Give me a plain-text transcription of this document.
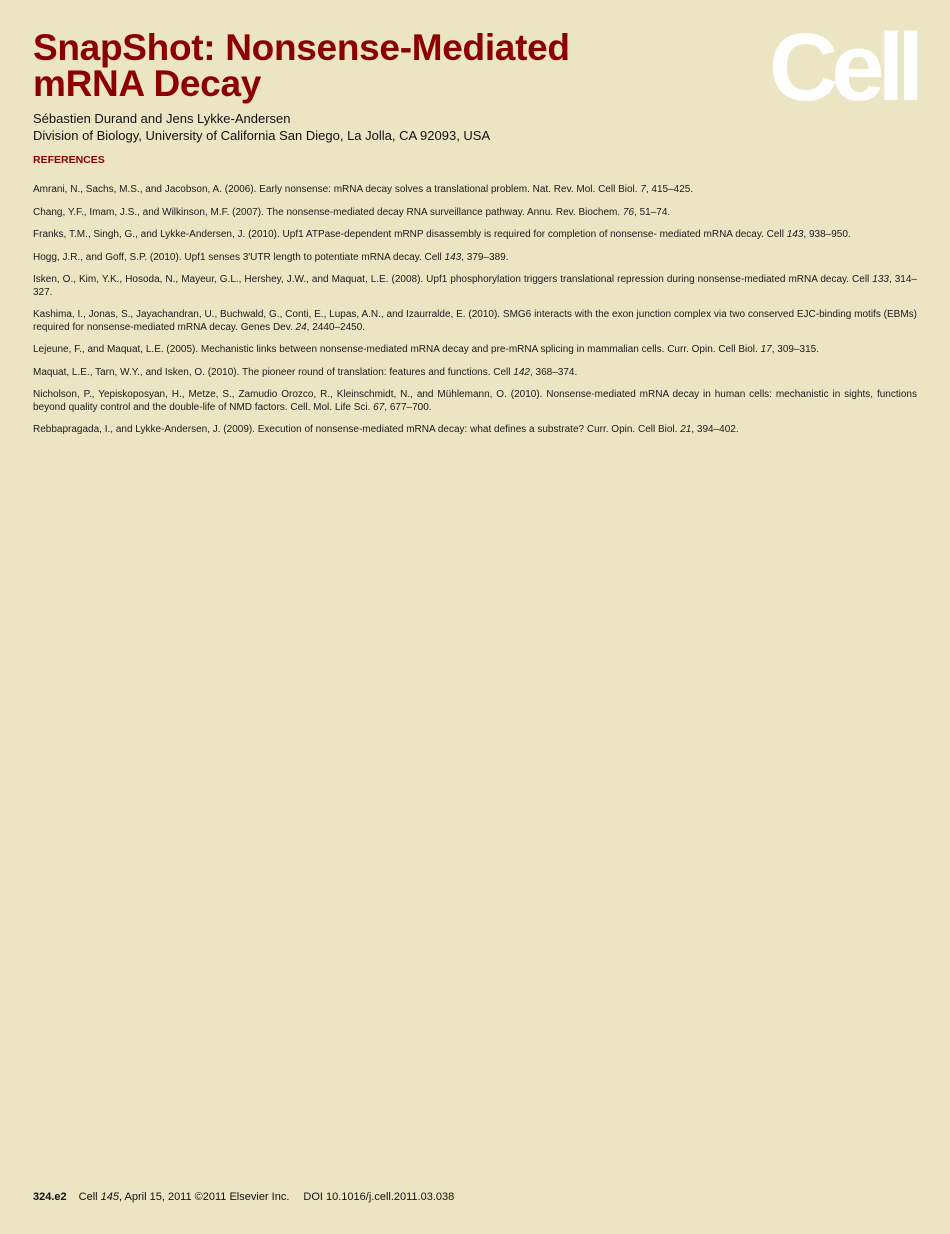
SnapShot: Nonsense-Mediated
mRNA Decay	Cell
Sébastien Durand and Jens Lykke-Andersen
Division of Biology, University of California San Diego, La Jolla, CA 92093, USA
REFERENCES
Amrani, N., Sachs, M.S., and Jacobson, A. (2006). Early nonsense: mRNA decay solves a translational problem. Nat. Rev. Mol. Cell Biol. 7, 415–425.
Chang, Y.F., Imam, J.S., and Wilkinson, M.F. (2007). The nonsense-mediated decay RNA surveillance pathway. Annu. Rev. Biochem. 76, 51–74.
Franks, T.M., Singh, G., and Lykke-Andersen, J. (2010). Upf1 ATPase-dependent mRNP disassembly is required for completion of nonsense- mediated mRNA decay. Cell 143, 938–950.
Hogg, J.R., and Goff, S.P. (2010). Upf1 senses 3′UTR length to potentiate mRNA decay. Cell 143, 379–389.
Isken, O., Kim, Y.K., Hosoda, N., Mayeur, G.L., Hershey, J.W., and Maquat, L.E. (2008). Upf1 phosphorylation triggers translational repression during nonsense-mediated mRNA decay. Cell 133, 314–327.
Kashima, I., Jonas, S., Jayachandran, U., Buchwald, G., Conti, E., Lupas, A.N., and Izaurralde, E. (2010). SMG6 interacts with the exon junction complex via two conserved EJC-binding motifs (EBMs) required for nonsense-mediated mRNA decay. Genes Dev. 24, 2440–2450.
Lejeune, F., and Maquat, L.E. (2005). Mechanistic links between nonsense-mediated mRNA decay and pre-mRNA splicing in mammalian cells. Curr. Opin. Cell Biol. 17, 309–315.
Maquat, L.E., Tarn, W.Y., and Isken, O. (2010). The pioneer round of translation: features and functions. Cell 142, 368–374.
Nicholson, P., Yepiskoposyan, H., Metze, S., Zamudio Orozco, R., Kleinschmidt, N., and Mühlemann, O. (2010). Nonsense-mediated mRNA decay in human cells: mechanistic in sights, functions beyond quality control and the double-life of NMD factors. Cell. Mol. Life Sci. 67, 677–700.
Rebbapragada, I., and Lykke-Andersen, J. (2009). Execution of nonsense-mediated mRNA decay: what defines a substrate? Curr. Opin. Cell Biol. 21, 394–402.
324.e2 Cell 145, April 15, 2011 ©2011 Elsevier Inc. DOI 10.1016/j.cell.2011.03.038
